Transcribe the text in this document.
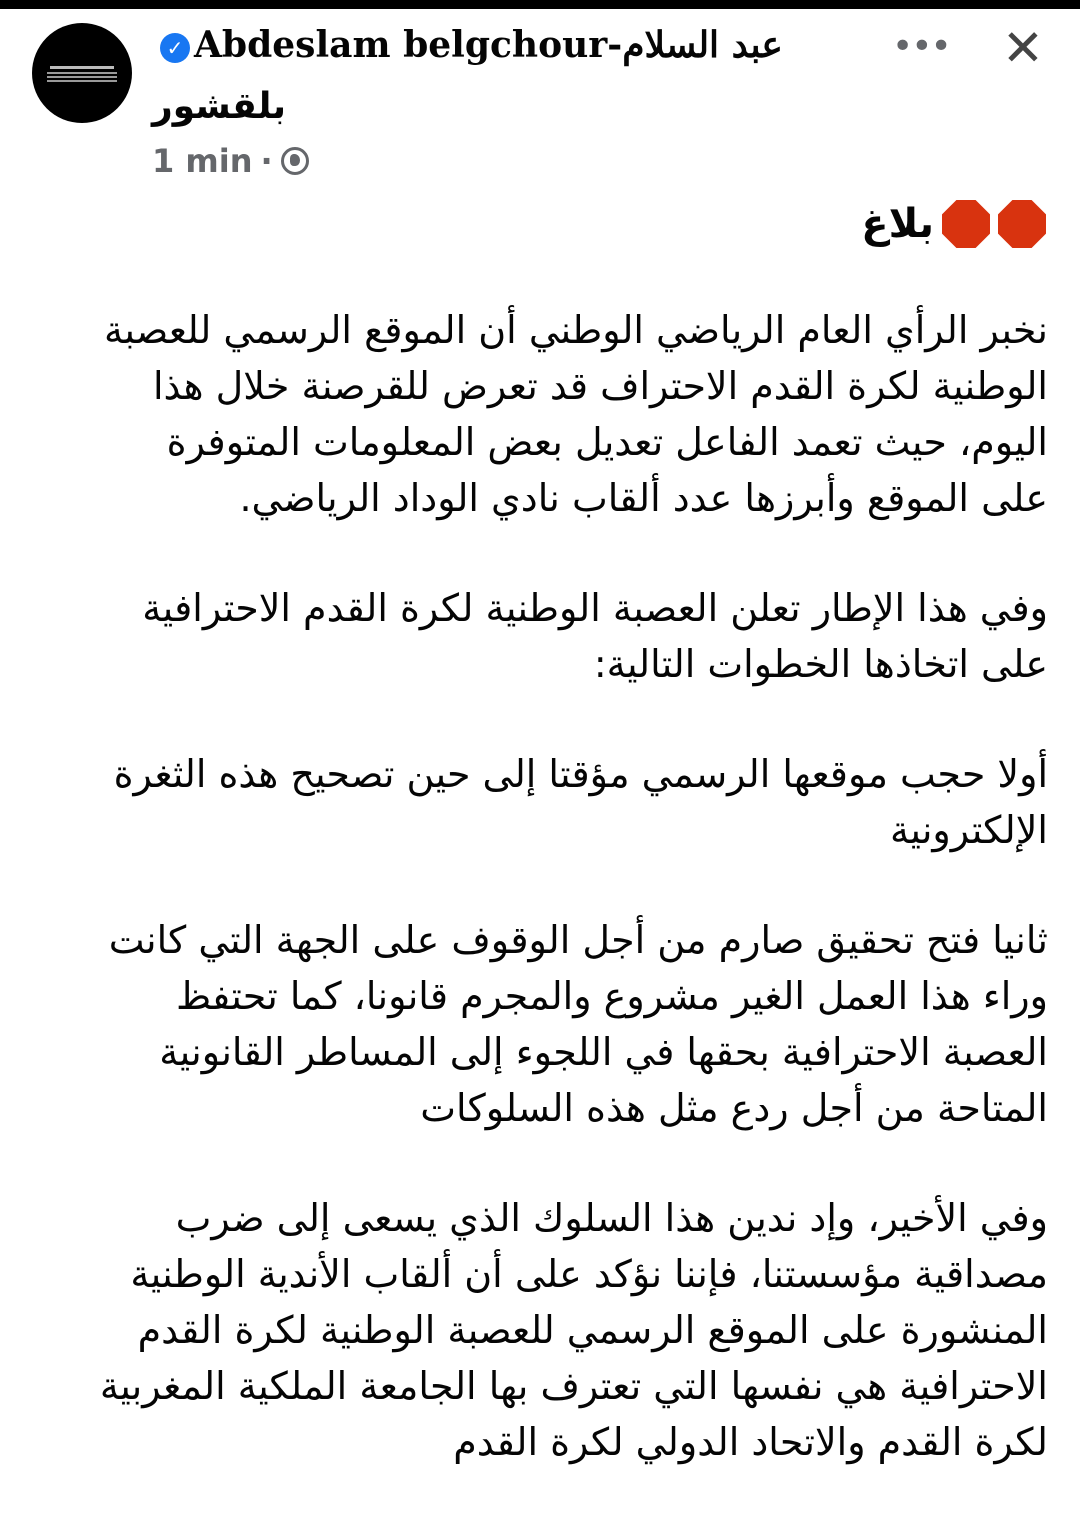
✓ Abdeslam belgchour-عبد السلام
بلقشور
1 min ·
••• ✕
بلاغ
نخبر الرأي العام الرياضي الوطني أن الموقع الرسمي للعصبة
الوطنية لكرة القدم الاحتراف قد تعرض للقرصنة خلال هذا
اليوم، حيث تعمد الفاعل تعديل بعض المعلومات المتوفرة
على الموقع وأبرزها عدد ألقاب نادي الوداد الرياضي.
وفي هذا الإطار تعلن العصبة الوطنية لكرة القدم الاحترافية
على اتخاذها الخطوات التالية:
أولا حجب موقعها الرسمي مؤقتا إلى حين تصحيح هذه الثغرة
الإلكترونية
ثانيا فتح تحقيق صارم من أجل الوقوف على الجهة التي كانت
وراء هذا العمل الغير مشروع والمجرم قانونا، كما تحتفظ
العصبة الاحترافية بحقها في اللجوء إلى المساطر القانونية
المتاحة من أجل ردع مثل هذه السلوكات
وفي الأخير، وإد ندين هذا السلوك الذي يسعى إلى ضرب
مصداقية مؤسستنا، فإننا نؤكد على أن ألقاب الأندية الوطنية
المنشورة على الموقع الرسمي للعصبة الوطنية لكرة القدم
الاحترافية هي نفسها التي تعترف بها الجامعة الملكية المغربية
لكرة القدم والاتحاد الدولي لكرة القدم
